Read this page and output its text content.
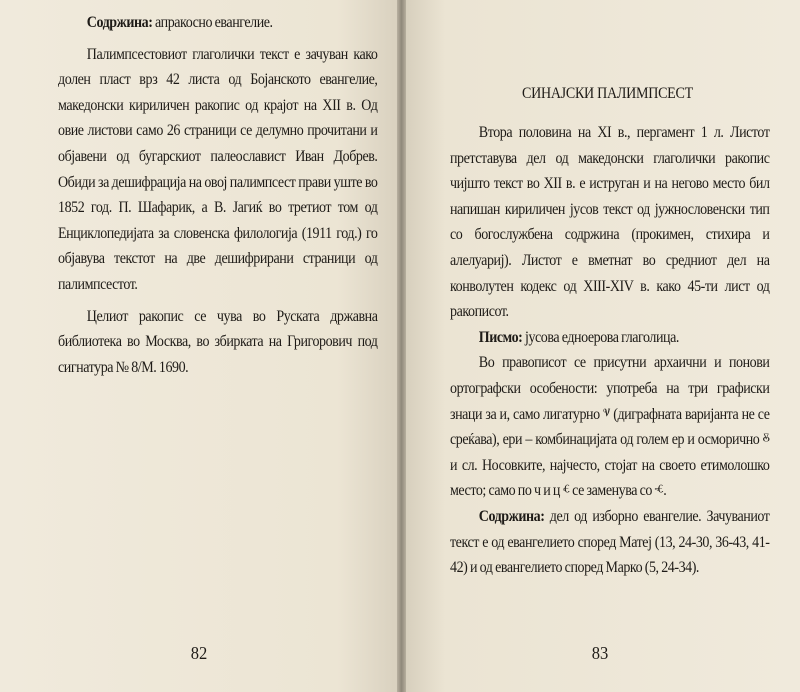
Содржина: апракосно евангелие.

Палимпсестовиот глаголички текст е зачуван како долен пласт врз 42 листа од Бојанското евангелие, македонски кириличен ракопис од крајот на XII в. Од овие листови само 26 страници се делумно прочитани и објавени од бугарскиот палеославист Иван Добрев. Обиди за дешифрација на овој палимпсест прави уште во 1852 год. П. Шафарик, а В. Јагиќ во третиот том од Енциклопедијата за словенска филологија (1911 год.) го објавува текстот на две дешифрирани страници од палимпсестот.

Целиот ракопис се чува во Руската државна библиотека во Москва, во збирката на Григорович под сигнатура № 8/М. 1690.

СИНАЈСКИ ПАЛИМПСЕСТ

Втора половина на XI в., пергамент 1 л. Листот претставува дел од македонски глаголички ракопис чијшто текст во XII в. е иструган и на негово место бил напишан кириличен јусов текст од јужнословенски тип со богослужбена содржина (прокимен, стихира и алелуариј). Листот е вметнат во средниот дел на конволутен кодекс од XIII-XIV в. како 45-ти лист од ракописот.

Писмо: јусова едноерова глаголица.

Во правописот се присутни архаични и понови ортографски особености: употреба на три графиски знаци за и, само лигатурно ⱌ (диграфната варијанта не се среќава), ери – комбинацијата од голем ер и осморично ⰻ и сл. Носовките, најчесто, стојат на своето етимолошко место; само по ч и ц ⱔ се заменува со ⱕ.

Содржина: дел од изборно евангелие. Зачуваниот текст е од евангелието според Матеј (13, 24-30, 36-43, 41-42) и од евангелието според Марко (5, 24-34).

82	83
